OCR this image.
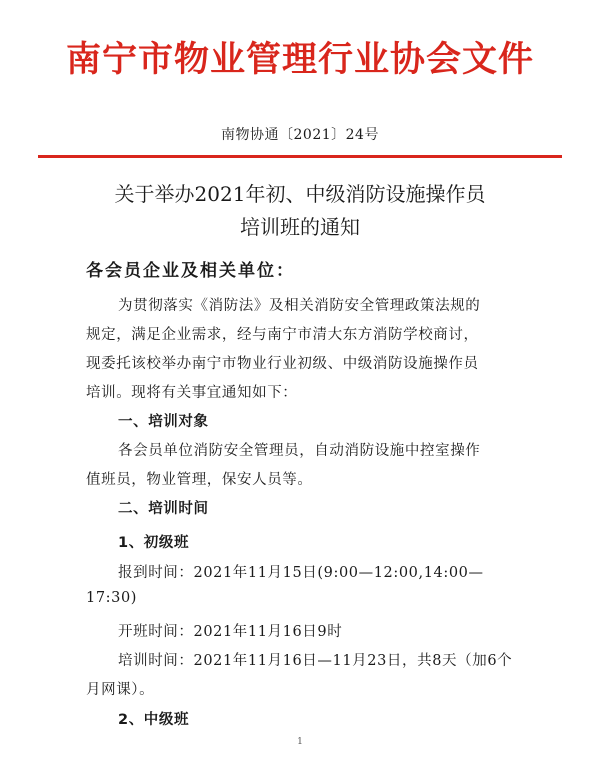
南宁市物业管理行业协会文件
南物协通〔2021〕24号
关于举办2021年初、中级消防设施操作员
培训班的通知
各会员企业及相关单位：
为贯彻落实《消防法》及相关消防安全管理政策法规的
规定，满足企业需求，经与南宁市清大东方消防学校商讨，
现委托该校举办南宁市物业行业初级、中级消防设施操作员
培训。现将有关事宜通知如下：
一、培训对象
各会员单位消防安全管理员，自动消防设施中控室操作
值班员，物业管理，保安人员等。
二、培训时间
1、初级班
报到时间：2021年11月15日(9:00—12:00,14:00—
17:30)
开班时间：2021年11月16日9时
培训时间：2021年11月16日—11月23日，共8天（加6个
月网课）。
2、中级班
1
